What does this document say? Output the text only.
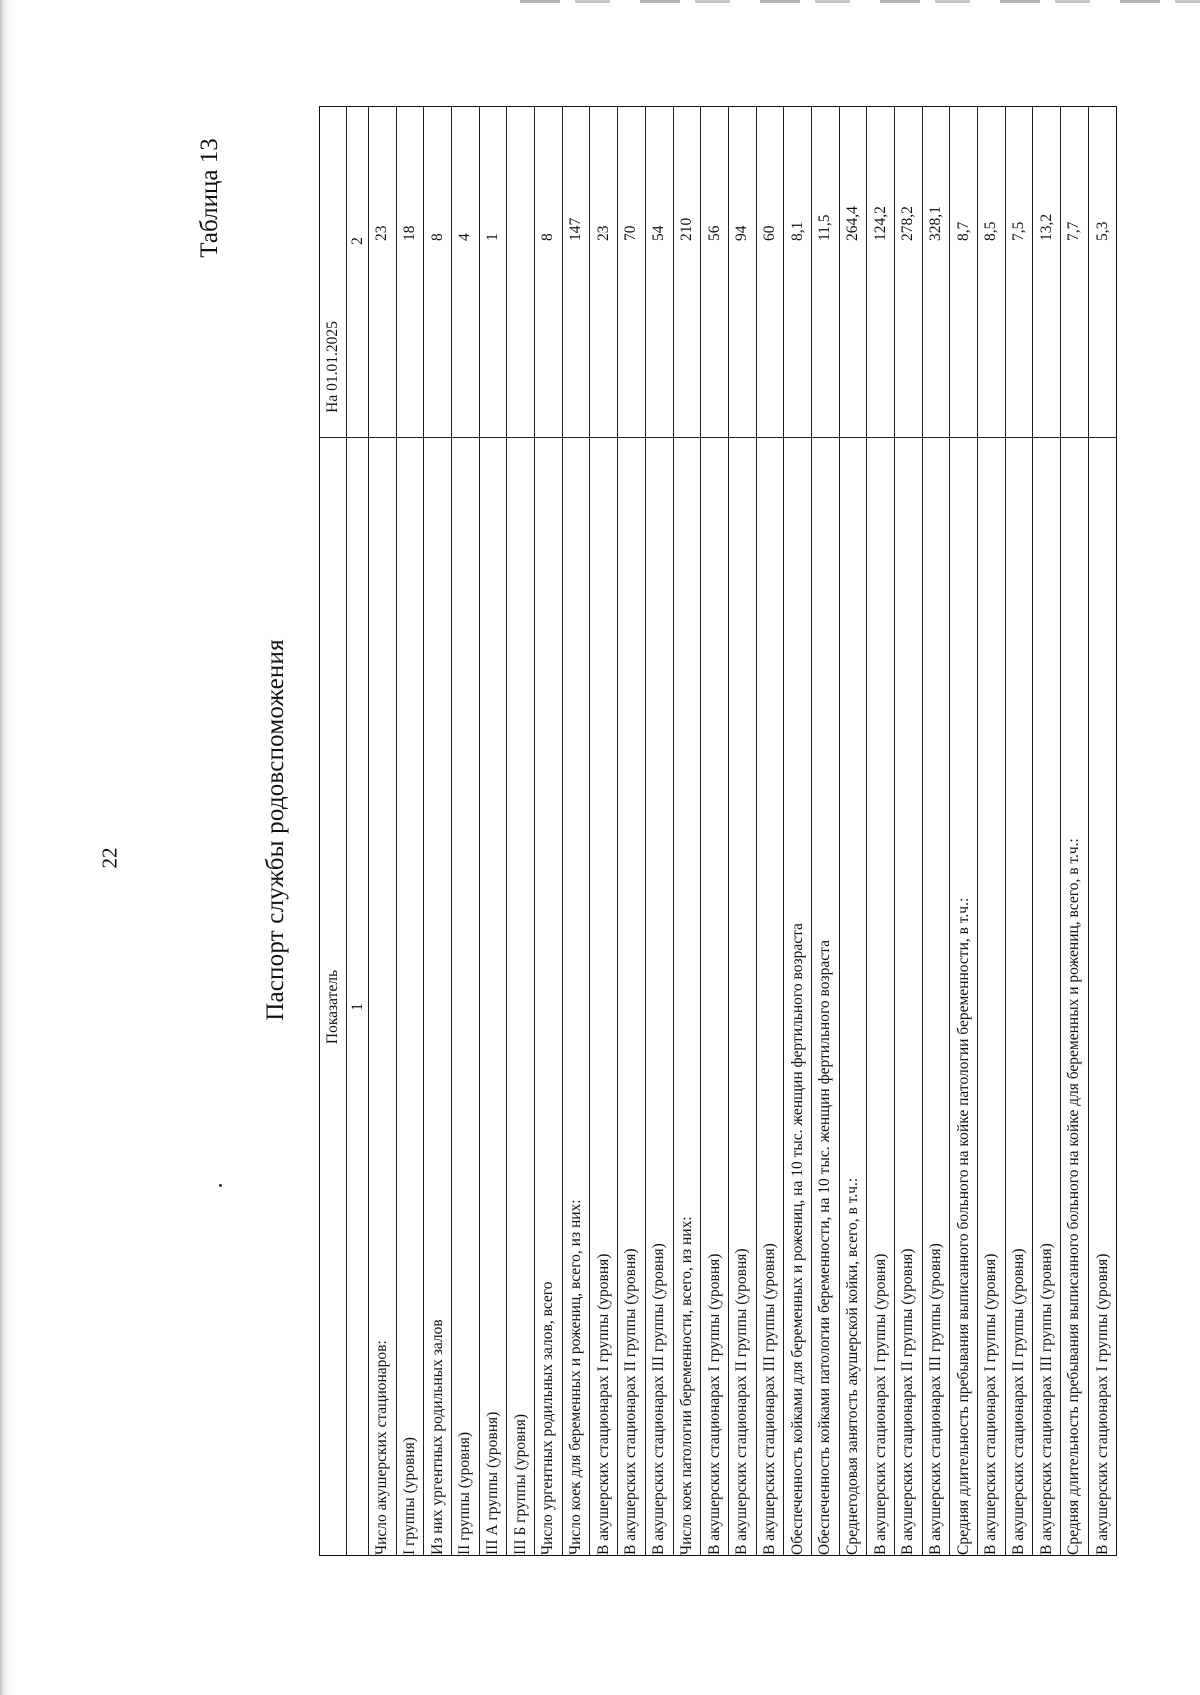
22	Паспорт службы родовспоможения
Таблица 13
Показатель
На 01.01.2025
1
2
Число акушерских стационаров:
23
I группы (уровня)
18
Из них ургентных родильных залов
8
II группы (уровня)
4
III А группы (уровня)
1
III Б группы (уровня) Число ургентных родильных залов, всего
8
Число коек для беременных и рожениц, всего, из них:
147
В акушерских стационарах I группы (уровня)
23
В акушерских стационарах II группы (уровня)
70
В акушерских стационарах III группы (уровня)
54
Число коек патологии беременности, всего, из них:
210
В акушерских стационарах I группы (уровня)
56
В акушерских стационарах II группы (уровня)
94
В акушерских стационарах III группы (уровня)
60
Обеспеченность койками для беременных и рожениц, на 10 тыс. женщин фертильного возраста
8,1
Обеспеченность койками патологии беременности, на 10 тыс. женщин фертильного возраста
11,5
Среднегодовая занятость акушерской койки, всего, в т.ч.:
264,4
В акушерских стационарах I группы (уровня)
124,2
В акушерских стационарах II группы (уровня)
278,2
В акушерских стационарах III группы (уровня)
328,1
Средняя длительность пребывания выписанного больного на койке патологии беременности, в т.ч.:
8,7
В акушерских стационарах I группы (уровня)
8,5
В акушерских стационарах II группы (уровня)
7,5
В акушерских стационарах III группы (уровня)
13,2
Средняя длительность пребывания выписанного больного на койке для беременных и рожениц, всего, в т.ч.:
7,7
В акушерских стационарах I группы (уровня)
5,3
